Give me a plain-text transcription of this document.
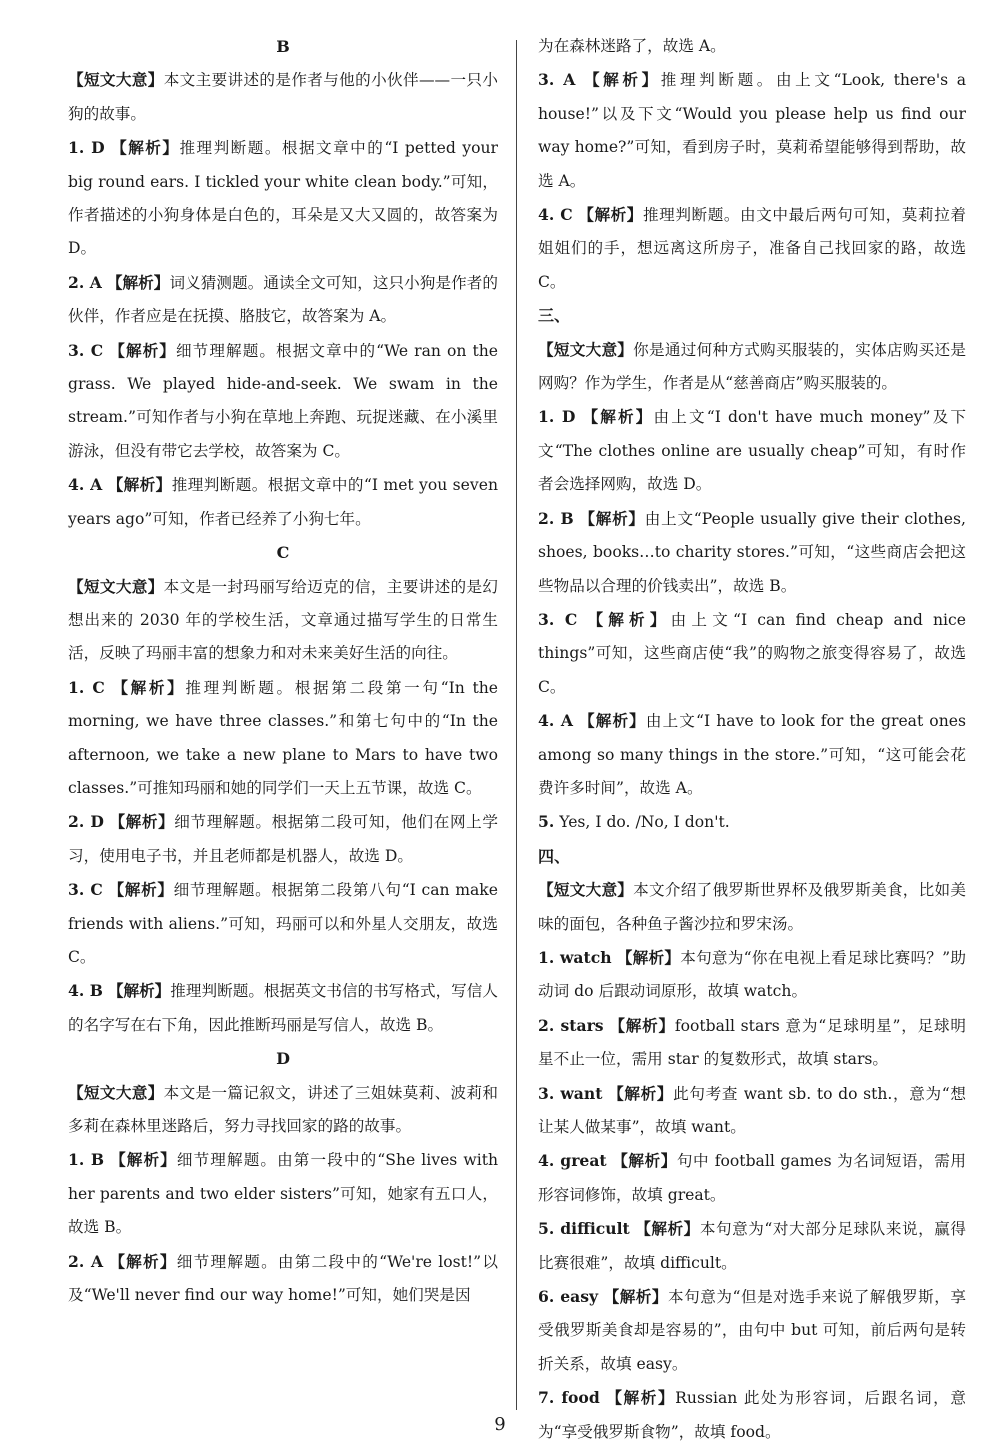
B

【短文大意】本文主要讲述的是作者与他的小伙伴——一只小狗的故事。

1. D 【解析】推理判断题。根据文章中的“I petted your big round ears. I tickled your white clean body.”可知，作者描述的小狗身体是白色的，耳朵是又大又圆的，故答案为 D。

2. A 【解析】词义猜测题。通读全文可知，这只小狗是作者的伙伴，作者应是在抚摸、胳肢它，故答案为 A。

3. C 【解析】细节理解题。根据文章中的“We ran on the grass. We played hide-and-seek. We swam in the stream.”可知作者与小狗在草地上奔跑、玩捉迷藏、在小溪里游泳，但没有带它去学校，故答案为 C。

4. A 【解析】推理判断题。根据文章中的“I met you seven years ago”可知，作者已经养了小狗七年。

C

【短文大意】本文是一封玛丽写给迈克的信，主要讲述的是幻想出来的 2030 年的学校生活，文章通过描写学生的日常生活，反映了玛丽丰富的想象力和对未来美好生活的向往。

1. C 【解析】推理判断题。根据第二段第一句“In the morning, we have three classes.”和第七句中的“In the afternoon, we take a new plane to Mars to have two classes.”可推知玛丽和她的同学们一天上五节课，故选 C。

2. D 【解析】细节理解题。根据第二段可知，他们在网上学习，使用电子书，并且老师都是机器人，故选 D。

3. C 【解析】细节理解题。根据第二段第八句“I can make friends with aliens.”可知，玛丽可以和外星人交朋友，故选 C。

4. B 【解析】推理判断题。根据英文书信的书写格式，写信人的名字写在右下角，因此推断玛丽是写信人，故选 B。

D

【短文大意】本文是一篇记叙文，讲述了三姐妹莫莉、波莉和多莉在森林里迷路后，努力寻找回家的路的故事。

1. B 【解析】细节理解题。由第一段中的“She lives with her parents and two elder sisters”可知，她家有五口人，故选 B。

2. A 【解析】细节理解题。由第二段中的“We're lost!”以及“We'll never find our way home!”可知，她们哭是因

为在森林迷路了，故选 A。

3. A 【解析】推理判断题。由上文“Look, there's a house!”以及下文“Would you please help us find our way home?”可知，看到房子时，莫莉希望能够得到帮助，故选 A。

4. C 【解析】推理判断题。由文中最后两句可知，莫莉拉着姐姐们的手，想远离这所房子，准备自己找回家的路，故选 C。

三、

【短文大意】你是通过何种方式购买服装的，实体店购买还是网购？作为学生，作者是从“慈善商店”购买服装的。

1. D 【解析】由上文“I don't have much money”及下文“The clothes online are usually cheap”可知，有时作者会选择网购，故选 D。

2. B 【解析】由上文“People usually give their clothes, shoes, books…to charity stores.”可知，“这些商店会把这些物品以合理的价钱卖出”，故选 B。

3. C 【解析】由上文“I can find cheap and nice things”可知，这些商店使“我”的购物之旅变得容易了，故选 C。

4. A 【解析】由上文“I have to look for the great ones among so many things in the store.”可知，“这可能会花费许多时间”，故选 A。

5. Yes, I do. /No, I don't.

四、

【短文大意】本文介绍了俄罗斯世界杯及俄罗斯美食，比如美味的面包，各种鱼子酱沙拉和罗宋汤。

1. watch 【解析】本句意为“你在电视上看足球比赛吗？”助动词 do 后跟动词原形，故填 watch。

2. stars 【解析】football stars 意为“足球明星”，足球明星不止一位，需用 star 的复数形式，故填 stars。

3. want 【解析】此句考查 want sb. to do sth.，意为“想让某人做某事”，故填 want。

4. great 【解析】句中 football games 为名词短语，需用形容词修饰，故填 great。

5. difficult 【解析】本句意为“对大部分足球队来说，赢得比赛很难”，故填 difficult。

6. easy 【解析】本句意为“但是对选手来说了解俄罗斯，享受俄罗斯美食却是容易的”，由句中 but 可知，前后两句是转折关系，故填 easy。

7. food 【解析】Russian 此处为形容词，后跟名词，意为“享受俄罗斯食物”，故填 food。

9
